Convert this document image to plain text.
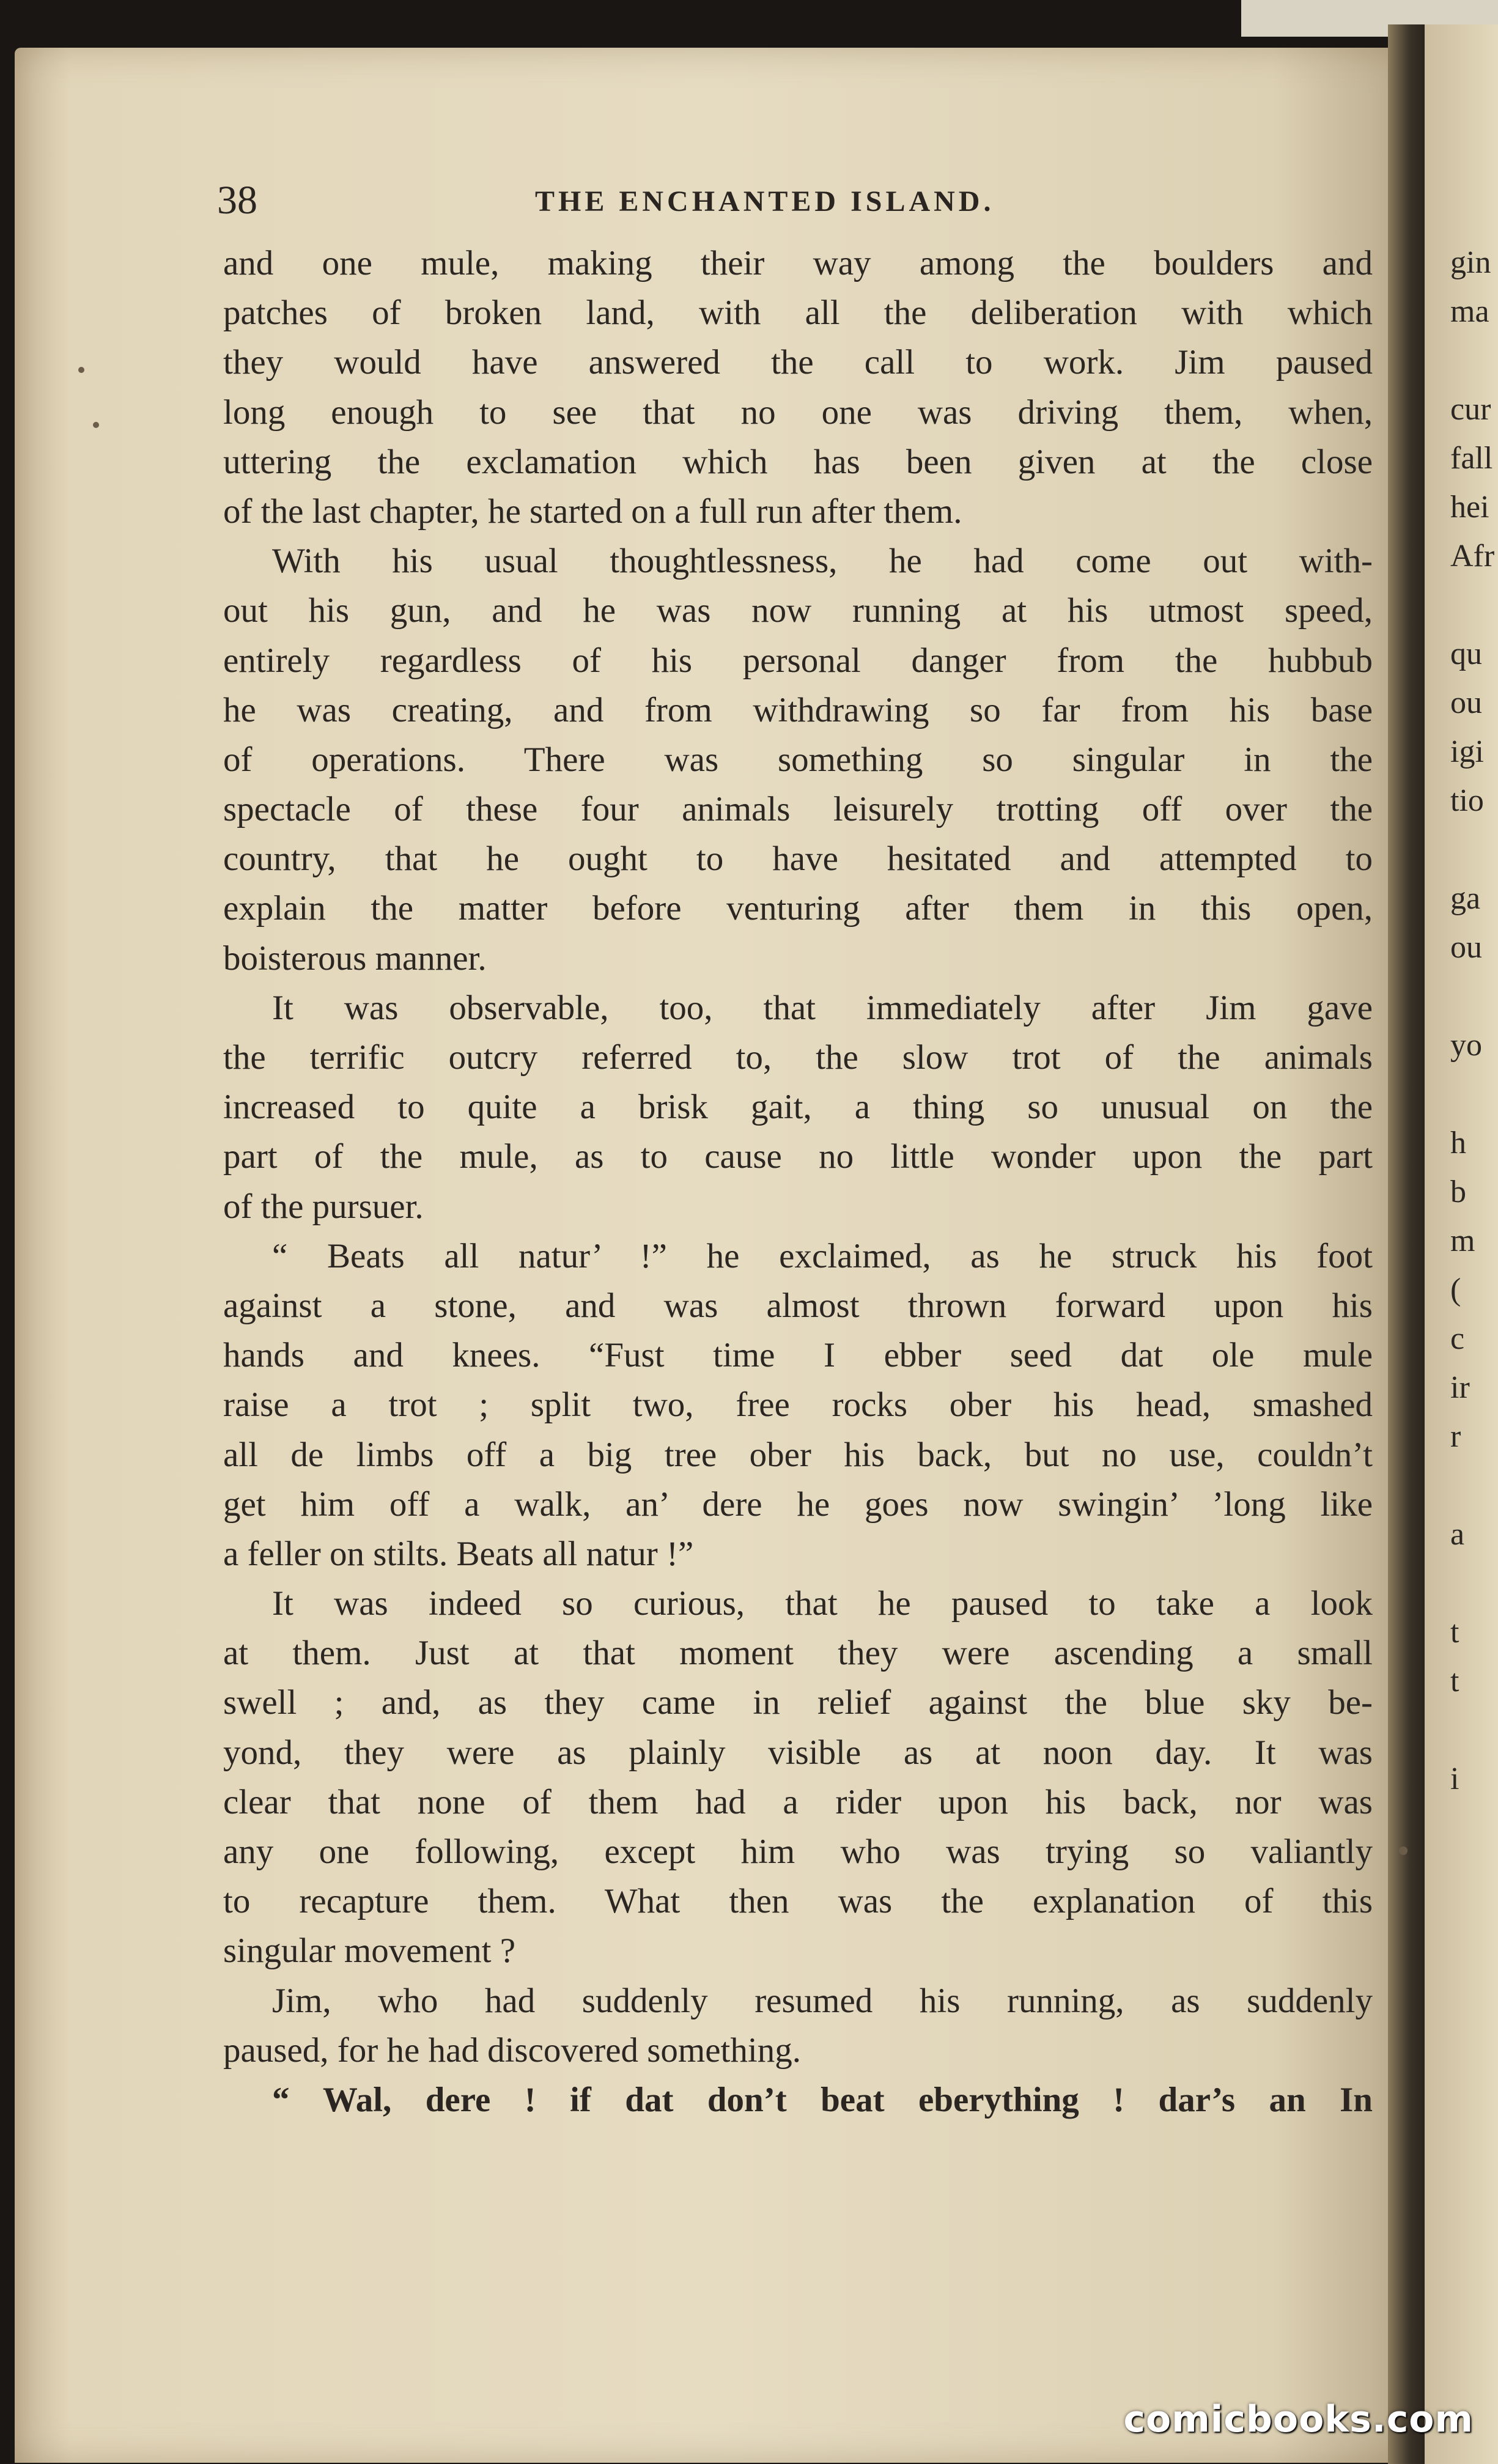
38	THE ENCHANTED ISLAND.
and one mule, making their way among the boulders and
patches of broken land, with all the deliberation with which
they would have answered the call to work. Jim paused
long enough to see that no one was driving them, when,
uttering the exclamation which has been given at the close
of the last chapter, he started on a full run after them.
With his usual thoughtlessness, he had come out with-
out his gun, and he was now running at his utmost speed,
entirely regardless of his personal danger from the hubbub
he was creating, and from withdrawing so far from his base
of operations. There was something so singular in the
spectacle of these four animals leisurely trotting off over the
country, that he ought to have hesitated and attempted to
explain the matter before venturing after them in this open,
boisterous manner.
It was observable, too, that immediately after Jim gave
the terrific outcry referred to, the slow trot of the animals
increased to quite a brisk gait, a thing so unusual on the
part of the mule, as to cause no little wonder upon the part
of the pursuer.
“ Beats all natur’ !” he exclaimed, as he struck his foot
against a stone, and was almost thrown forward upon his
hands and knees. “Fust time I ebber seed dat ole mule
raise a trot ; split two, free rocks ober his head, smashed
all de limbs off a big tree ober his back, but no use, couldn’t
get him off a walk, an’ dere he goes now swingin’ ’long like
a feller on stilts. Beats all natur !”
It was indeed so curious, that he paused to take a look
at them. Just at that moment they were ascending a small
swell ; and, as they came in relief against the blue sky be-
yond, they were as plainly visible as at noon day. It was
clear that none of them had a rider upon his back, nor was
any one following, except him who was trying so valiantly
to recapture them. What then was the explanation of this
singular movement ?
Jim, who had suddenly resumed his running, as suddenly
paused, for he had discovered something.
“ Wal, dere ! if dat don’t beat eberything ! dar’s an In
gin
ma
cur
fall
hei
Afr
qu
ou
igi
tio
ga
ou
yo
h
b
m
(
c
ir
r
a
t
t
i
comicbooks.com
